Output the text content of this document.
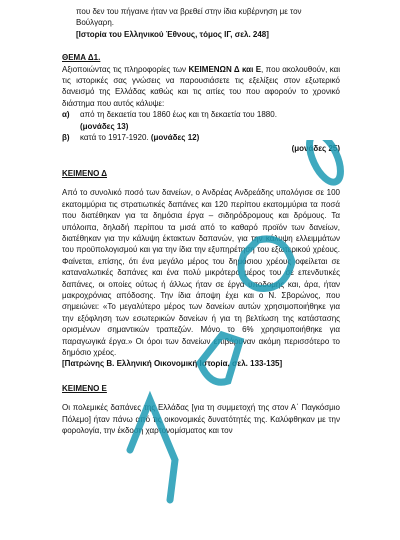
που δεν του πήγαινε ήταν να βρεθεί στην ίδια κυβέρνηση με τον

Βούλγαρη.

[Ιστορία του Ελληνικού Έθνους, τόμος ΙΓ, σελ. 248]

ΘΕΜΑ Δ1.

Αξιοποιώντας τις πληροφορίες των ΚΕΙΜΕΝΩΝ Δ και Ε, που ακολουθούν, και τις ιστορικές σας γνώσεις να παρουσιάσετε τις εξελίξεις στον εξωτερικό δανεισμό της Ελλάδας καθώς και τις αιτίες του που αφορούν το χρονικό διάστημα που αυτός κάλυψε:

α)	από τη δεκαετία του 1860 έως και τη δεκαετία του 1880.
(μονάδες 13)
β)	κατά το 1917-1920. (μονάδες 12)

(μονάδες 25)

ΚΕΙΜΕΝΟ Δ

Από το συνολικό ποσό των δανείων, ο Ανδρέας Ανδρεάδης υπολόγισε σε 100 εκατομμύρια τις στρατιωτικές δαπάνες και 120 περίπου εκατομμύρια τα ποσά που διατέθηκαν για τα δημόσια έργα – σιδηρόδρομους και δρόμους. Τα υπόλοιπα, δηλαδή περίπου τα μισά από το καθαρό προϊόν των δανείων, διατέθηκαν για την κάλυψη έκτακτων δαπανών, για την κάλυψη ελλειμμάτων του προϋπολογισμού και για την ίδια την εξυπηρέτηση του εξωτερικού χρέους. Φαίνεται, επίσης, ότι ένα μεγάλο μέρος του δημόσιου χρέους οφείλεται σε καταναλωτικές δαπάνες και ένα πολύ μικρότερο μέρος του σε επενδυτικές δαπάνες, οι οποίες ούτως ή άλλως ήταν σε έργα υποδομής και, άρα, ήταν μακροχρόνιας απόδοσης. Την ίδια άποψη έχει και ο Ν. Σβορώνος, που σημειώνει: «Το μεγαλύτερο μέρος των δανείων αυτών χρησιμοποιήθηκε για την εξόφληση των εσωτερικών δανείων ή για τη βελτίωση της κατάστασης ορισμένων σημαντικών τραπεζών. Μόνο το 6% χρησιμοποιήθηκε για παραγωγικά έργα.» Οι όροι των δανείων επιβάρυναν ακόμη περισσότερο το δημόσιο χρέος.

[Πατρώνης Β. Ελληνική Οικονομική Ιστορία, σελ. 133-135]

ΚΕΙΜΕΝΟ Ε

Οι πολεμικές δαπάνες της Ελλάδας [για τη συμμετοχή της στον Α΄ Παγκόσμιο Πόλεμο] ήταν πάνω από τις οικονομικές δυνατότητές της. Καλύφθηκαν με την φορολογία, την έκδοση χαρτονομίσματος και τον
